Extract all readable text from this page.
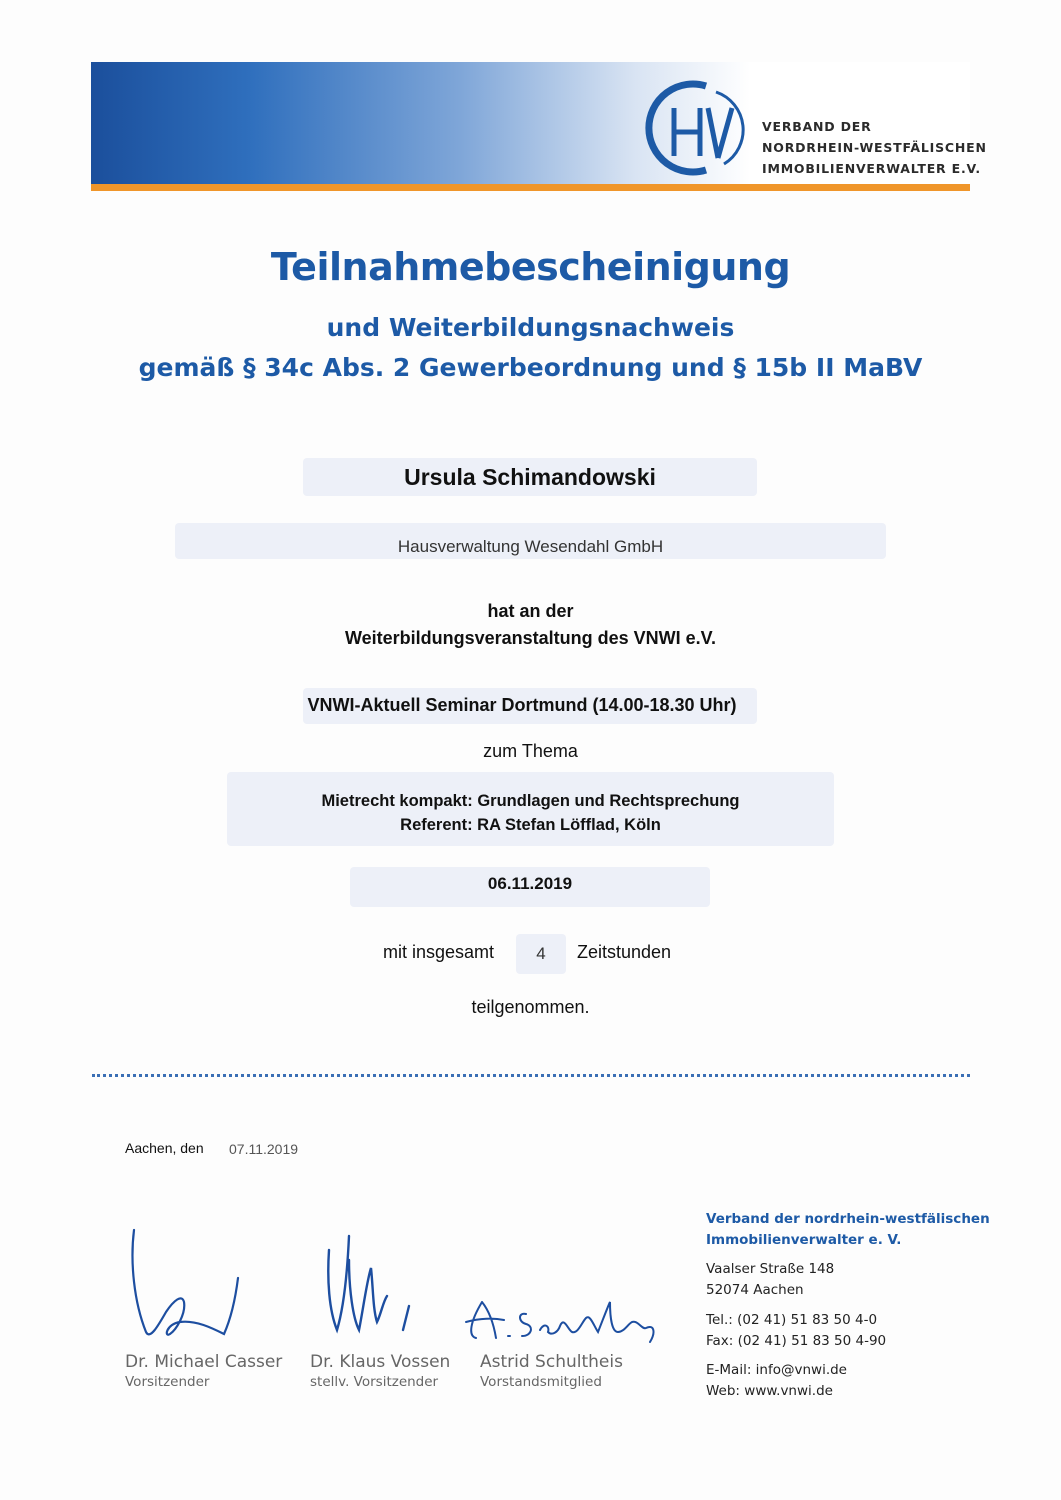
HV	VERBAND DER
NORDRHEIN-WESTFÄLISCHEN
IMMOBILIENVERWALTER E.V.
Teilnahmebescheinigung
und Weiterbildungsnachweis
gemäß § 34c Abs. 2 Gewerbeordnung und § 15b II MaBV
Ursula Schimandowski
Hausverwaltung Wesendahl GmbH
hat an der
Weiterbildungsveranstaltung des VNWI e.V.
VNWI-Aktuell Seminar Dortmund (14.00-18.30 Uhr)
zum Thema
Mietrecht kompakt: Grundlagen und Rechtsprechung
Referent: RA Stefan Löfflad, Köln
06.11.2019
mit insgesamt	4	Zeitstunden
teilgenommen.
Aachen, den 07.11.2019
Dr. Michael Casser
Vorsitzender
Dr. Klaus Vossen
stellv. Vorsitzender
Astrid Schultheis
Vorstandsmitglied
Verband der nordrhein-westfälischen
Immobilienverwalter e. V.
Vaalser Straße 148
52074 Aachen
Tel.: (02 41) 51 83 50 4-0
Fax: (02 41) 51 83 50 4-90
E-Mail: info@vnwi.de
Web: www.vnwi.de
